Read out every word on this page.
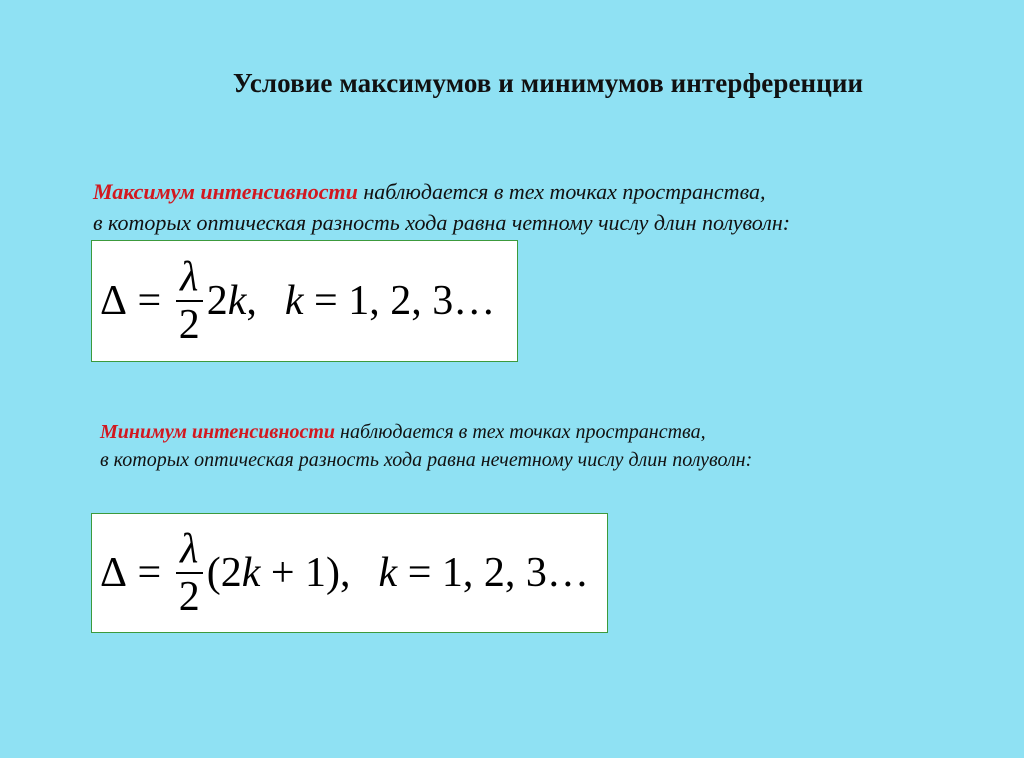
Условие максимумов и минимумов интерференции
Максимум интенсивности наблюдается в тех точках пространства,
в которых оптическая разность хода равна четному числу длин полуволн:
$\Delta = \frac{\lambda}{2} 2$ k , k = 1, 2, 3…
Минимум интенсивности наблюдается в тех точках пространства,
в которых оптическая разность хода равна нечетному числу длин полуволн:
$\Delta = \frac{\lambda}{2} (2$ k + 1), k = 1, 2, 3…
